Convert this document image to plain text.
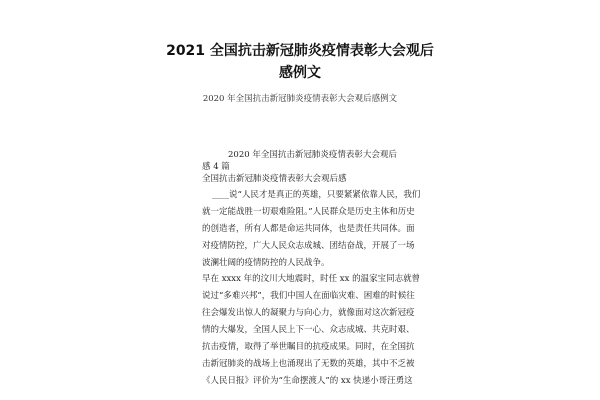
2021 全国抗击新冠肺炎疫情表彰大会观后
感例文
2020 年全国抗击新冠肺炎疫情表彰大会观后感例文
2020 年全国抗击新冠肺炎疫情表彰大会观后
感 4 篇
全国抗击新冠肺炎疫情表彰大会观后感
____说“人民才是真正的英雄，只要紧紧依靠人民，我们
就一定能战胜一切艰难险阻。”人民群众是历史主体和历史
的创造者，所有人都是命运共同体，也是责任共同体。面
对疫情防控，广大人民众志成城、团结奋战，开展了一场
波澜壮阔的疫情防控的人民战争。
早在 xxxx 年的汶川大地震时，时任 xx 的温家宝同志就曾
说过“多难兴邦”，我们中国人在面临灾难、困难的时候往
往会爆发出惊人的凝聚力与向心力，就像面对这次新冠疫
情的大爆发，全国人民上下一心、众志成城、共克时艰、
抗击疫情，取得了举世瞩目的抗疫成果。同时，在全国抗
击新冠肺炎的战场上也涌现出了无数的英雄，其中不乏被
《人民日报》评价为“生命摆渡人”的 xx 快递小哥汪勇这
